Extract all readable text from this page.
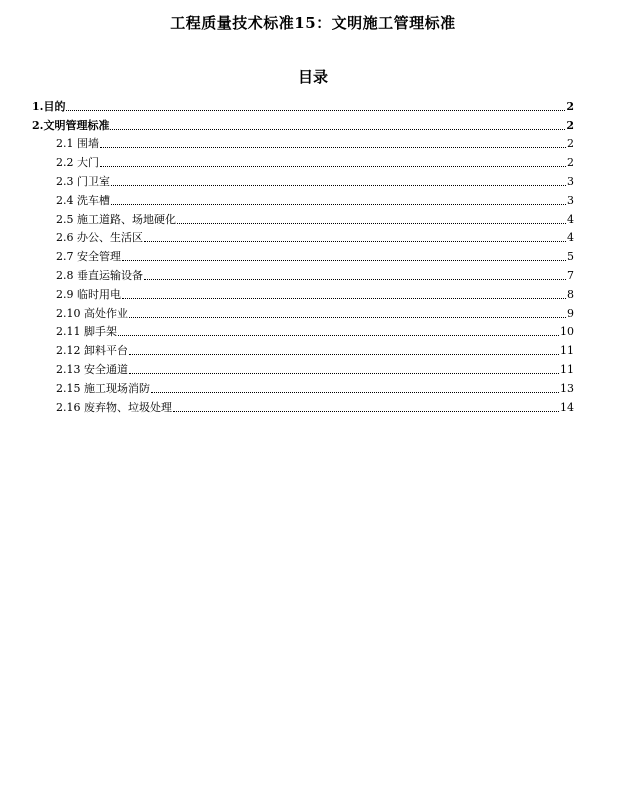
工程质量技术标准15：文明施工管理标准
目录
1.目的	2
2.文明管理标准	2
2.1 围墙	2
2.2 大门	2
2.3 门卫室	3
2.4 洗车槽	3
2.5 施工道路、场地硬化	4
2.6 办公、生活区	4
2.7 安全管理	5
2.8 垂直运输设备	7
2.9 临时用电	8
2.10 高处作业	9
2.11 脚手架	10
2.12 卸料平台	11
2.13 安全通道	11
2.15 施工现场消防	13
2.16 废弃物、垃圾处理	14
